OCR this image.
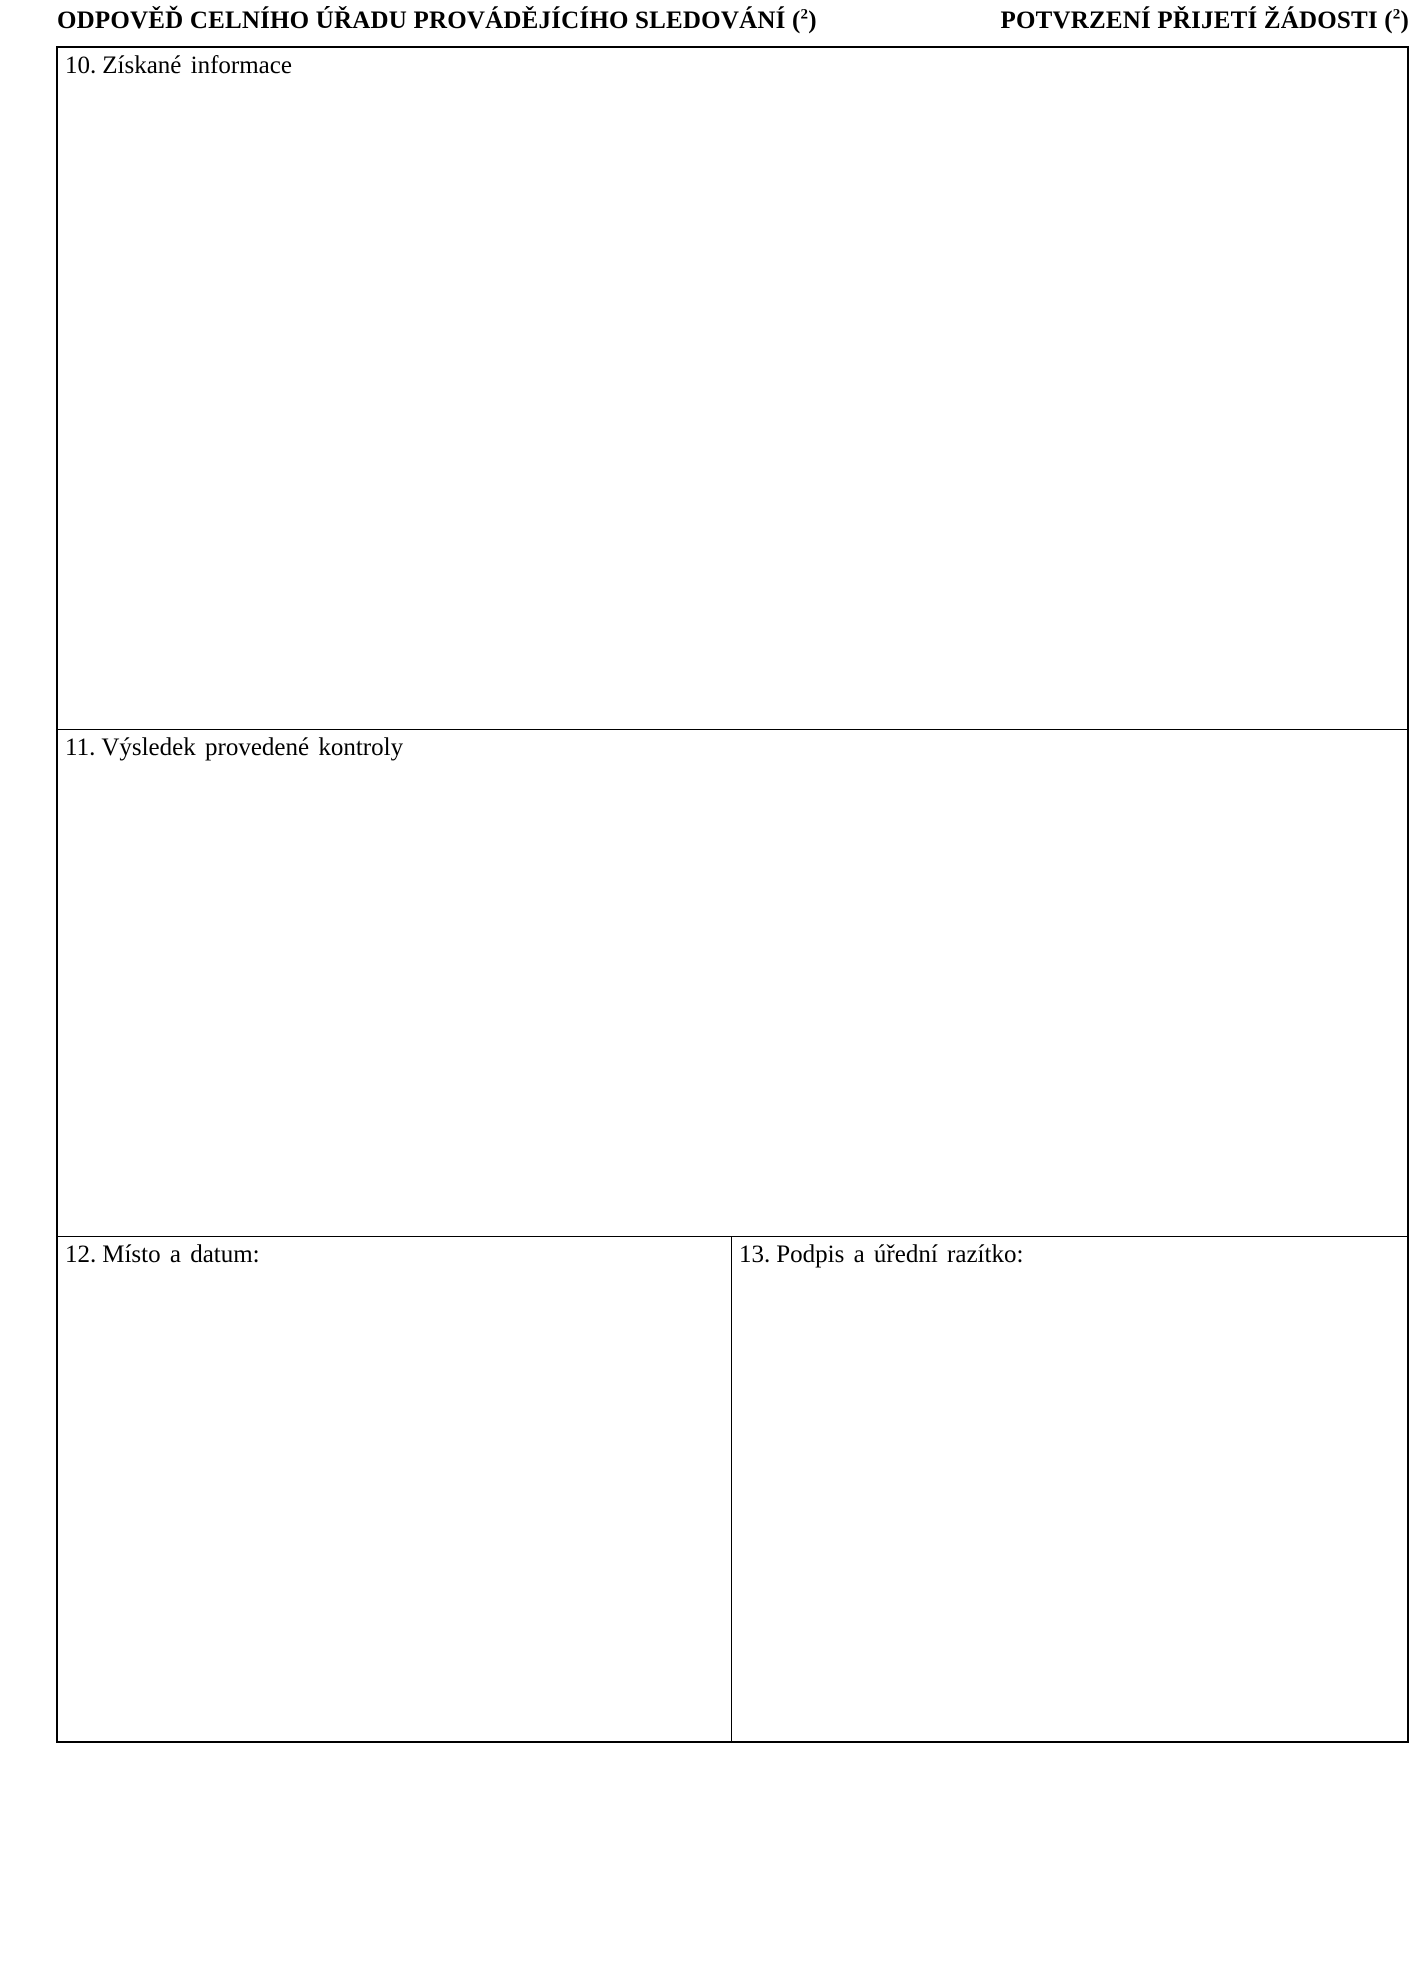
ODPOVĚĎ CELNÍHO ÚŘADU PROVÁDĚJÍCÍHO SLEDOVÁNÍ ($^2$)	POTVRZENÍ PŘIJETÍ ŽÁDOSTI ($^2$)
10. Získané informace
11. Výsledek provedené kontroly
12. Místo a datum:	13. Podpis a úřední razítko:
